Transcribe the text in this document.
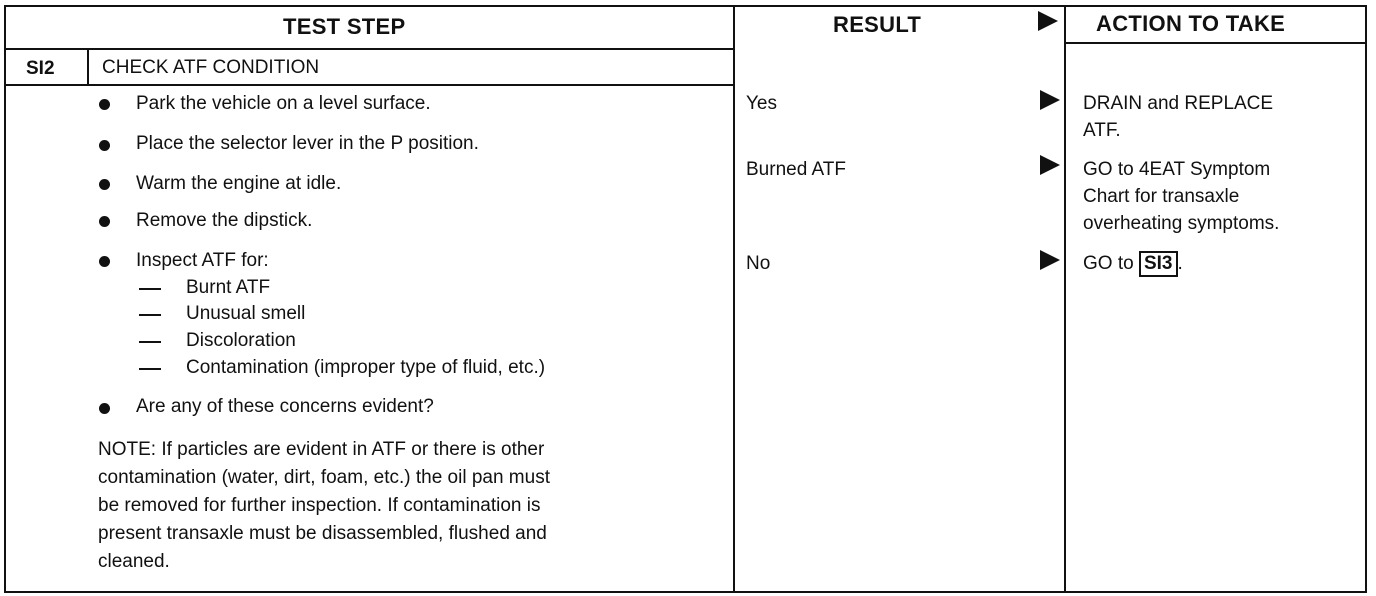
TEST STEP	RESULT	ACTION TO TAKE
SI2 CHECK ATF CONDITION
Park the vehicle on a level surface.
Place the selector lever in the P position.
Warm the engine at idle.
Remove the dipstick.
Inspect ATF for:
Burnt ATF
Unusual smell
Discoloration
Contamination (improper type of fluid, etc.)
Are any of these concerns evident?
NOTE: If particles are evident in ATF or there is other
contamination (water, dirt, foam, etc.) the oil pan must
be removed for further inspection. If contamination is
present transaxle must be disassembled, flushed and
cleaned.
Yes	DRAIN and REPLACE
ATF.
Burned ATF	GO to 4EAT Symptom
Chart for transaxle
overheating symptoms.
No	GO to SI3 .
